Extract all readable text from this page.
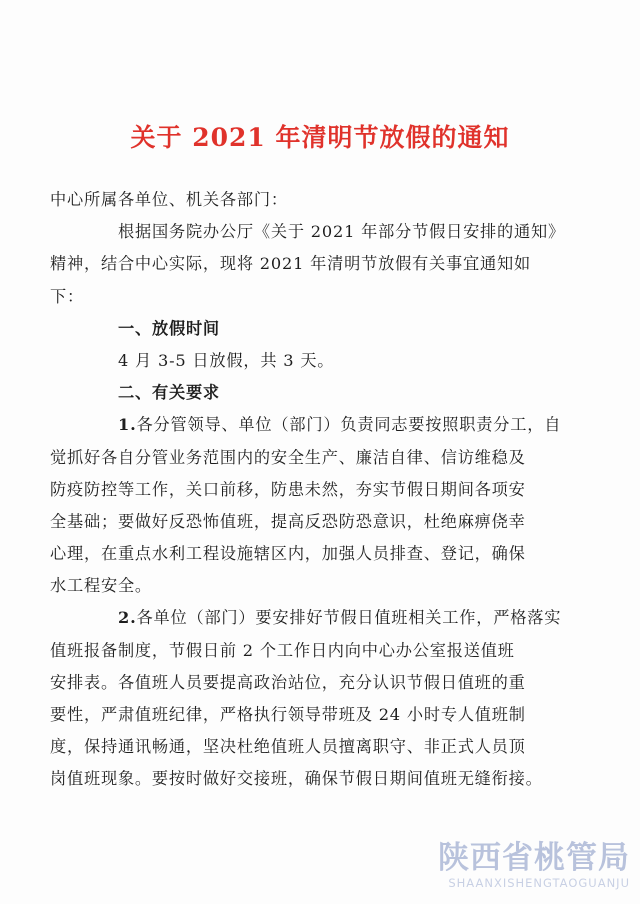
关于 2021 年清明节放假的通知
中心所属各单位、机关各部门：
根据国务院办公厅《关于 2021 年部分节假日安排的通知》
精神，结合中心实际，现将 2021 年清明节放假有关事宜通知如
下：
一、放假时间
4 月 3-5 日放假，共 3 天。
二、有关要求
1.各分管领导、单位（部门）负责同志要按照职责分工，自
觉抓好各自分管业务范围内的安全生产、廉洁自律、信访维稳及
防疫防控等工作，关口前移，防患未然，夯实节假日期间各项安
全基础；要做好反恐怖值班，提高反恐防恐意识，杜绝麻痹侥幸
心理，在重点水利工程设施辖区内，加强人员排查、登记，确保
水工程安全。
2.各单位（部门）要安排好节假日值班相关工作，严格落实
值班报备制度，节假日前 2 个工作日内向中心办公室报送值班
安排表。各值班人员要提高政治站位，充分认识节假日值班的重
要性，严肃值班纪律，严格执行领导带班及 24 小时专人值班制
度，保持通讯畅通，坚决杜绝值班人员擅离职守、非正式人员顶
岗值班现象。要按时做好交接班，确保节假日期间值班无缝衔接。
陕西省桃管局
SHAANXISHENGTAOGUANJU
